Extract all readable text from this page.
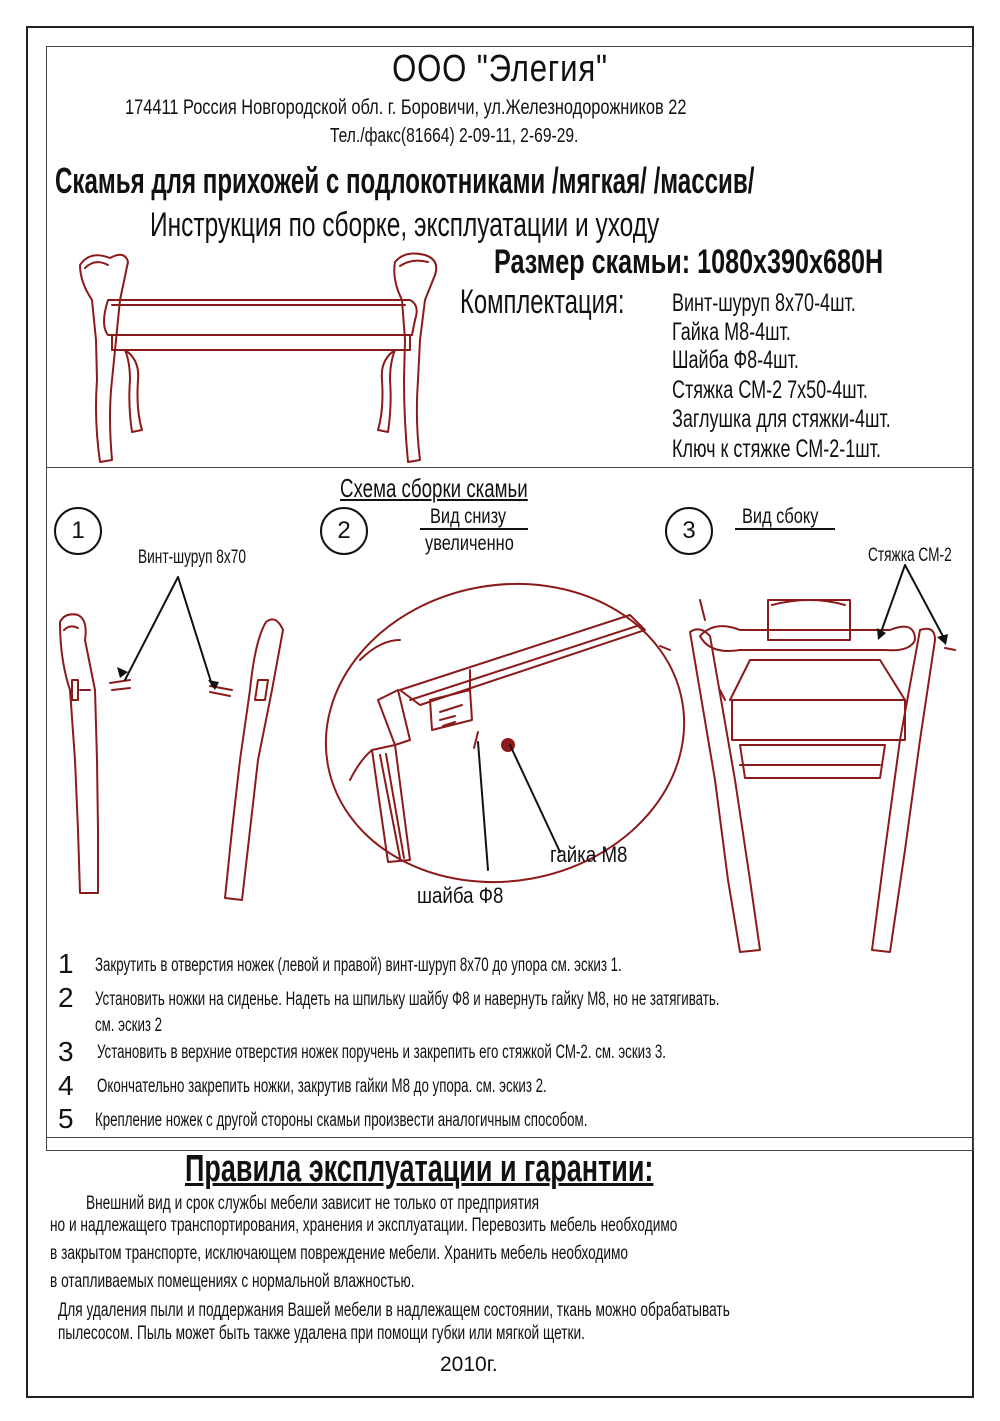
ООО "Элегия"
174411 Россия Новгородской обл. г. Боровичи, ул.Железнодорожников 22
Тел./факс(81664) 2-09-11, 2-69-29.
Скамья для прихожей с подлокотниками /мягкая/ /массив/
Инструкция по сборке, эксплуатации и уходу
Размер скамьи: 1080х390х680Н
Комплектация: Винт-шуруп 8х70-4шт.
Гайка М8-4шт.
Шайба Ф8-4шт.
Стяжка СМ-2 7х50-4шт.
Заглушка для стяжки-4шт.
Ключ к стяжке СМ-2-1шт.
Схема сборки скамьи
1	2	3
Винт-шуруп 8х70
Вид снизу
увеличенно
гайка М8
шайба Ф8
Вид сбоку
Стяжка СМ-2
1 Закрутить в отверстия ножек (левой и правой) винт-шуруп 8х70 до упора см. эскиз 1.
2 Установить ножки на сиденье. Надеть на шпильку шайбу Ф8 и навернуть гайку М8, но не затягивать.
см. эскиз 2
3 Установить в верхние отверстия ножек поручень и закрепить его стяжкой СМ-2. см. эскиз 3.
4 Окончательно закрепить ножки, закрутив гайки М8 до упора. см. эскиз 2.
5 Крепление ножек с другой стороны скамьи произвести аналогичным способом.
Правила эксплуатации и гарантии:
Внешний вид и срок службы мебели зависит не только от предприятия
но и надлежащего транспортирования, хранения и эксплуатации. Перевозить мебель необходимо
в закрытом транспорте, исключающем повреждение мебели. Хранить мебель необходимо
в отапливаемых помещениях с нормальной влажностью.
Для удаления пыли и поддержания Вашей мебели в надлежащем состоянии, ткань можно обрабатывать
пылесосом. Пыль может быть также удалена при помощи губки или мягкой щетки.
2010г.
